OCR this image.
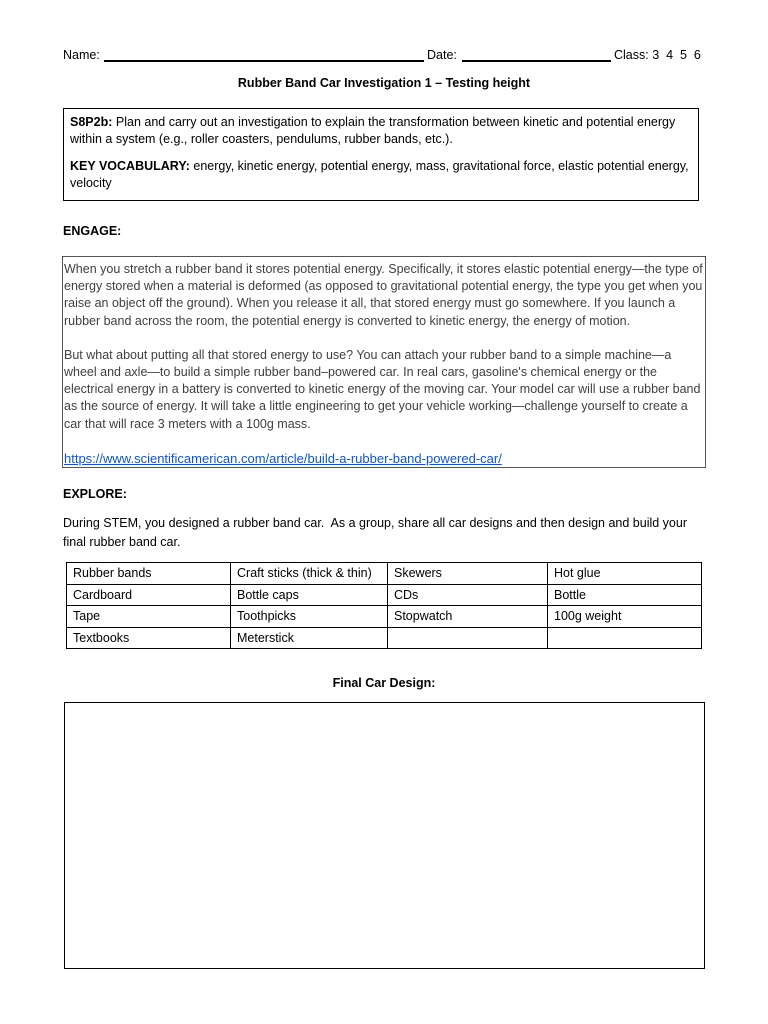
Name:	Date:	Class: 3  4  5  6
Rubber Band Car Investigation 1 – Testing height

S8P2b: Plan and carry out an investigation to explain the transformation between kinetic and potential energy within a system (e.g., roller coasters, pendulums, rubber bands, etc.).

KEY VOCABULARY: energy, kinetic energy, potential energy, mass, gravitational force, elastic potential energy, velocity

ENGAGE:

When you stretch a rubber band it stores potential energy. Specifically, it stores elastic potential energy—the type of energy stored when a material is deformed (as opposed to gravitational potential energy, the type you get when you raise an object off the ground). When you release it all, that stored energy must go somewhere. If you launch a rubber band across the room, the potential energy is converted to kinetic energy, the energy of motion.

But what about putting all that stored energy to use? You can attach your rubber band to a simple machine—a wheel and axle—to build a simple rubber band–powered car. In real cars, gasoline's chemical energy or the electrical energy in a battery is converted to kinetic energy of the moving car. Your model car will use a rubber band as the source of energy. It will take a little engineering to get your vehicle working—challenge yourself to create a car that will race 3 meters with a 100g mass.

https://www.scientificamerican.com/article/build-a-rubber-band-powered-car/
EXPLORE:
During STEM, you designed a rubber band car.  As a group, share all car designs and then design and build your final rubber band car.
Rubber bands	Craft sticks (thick & thin)	Skewers	Hot glue
Cardboard	Bottle caps	CDs	Bottle
Tape	Toothpicks	Stopwatch	100g weight
Textbooks	Meterstick		
Final Car Design:
